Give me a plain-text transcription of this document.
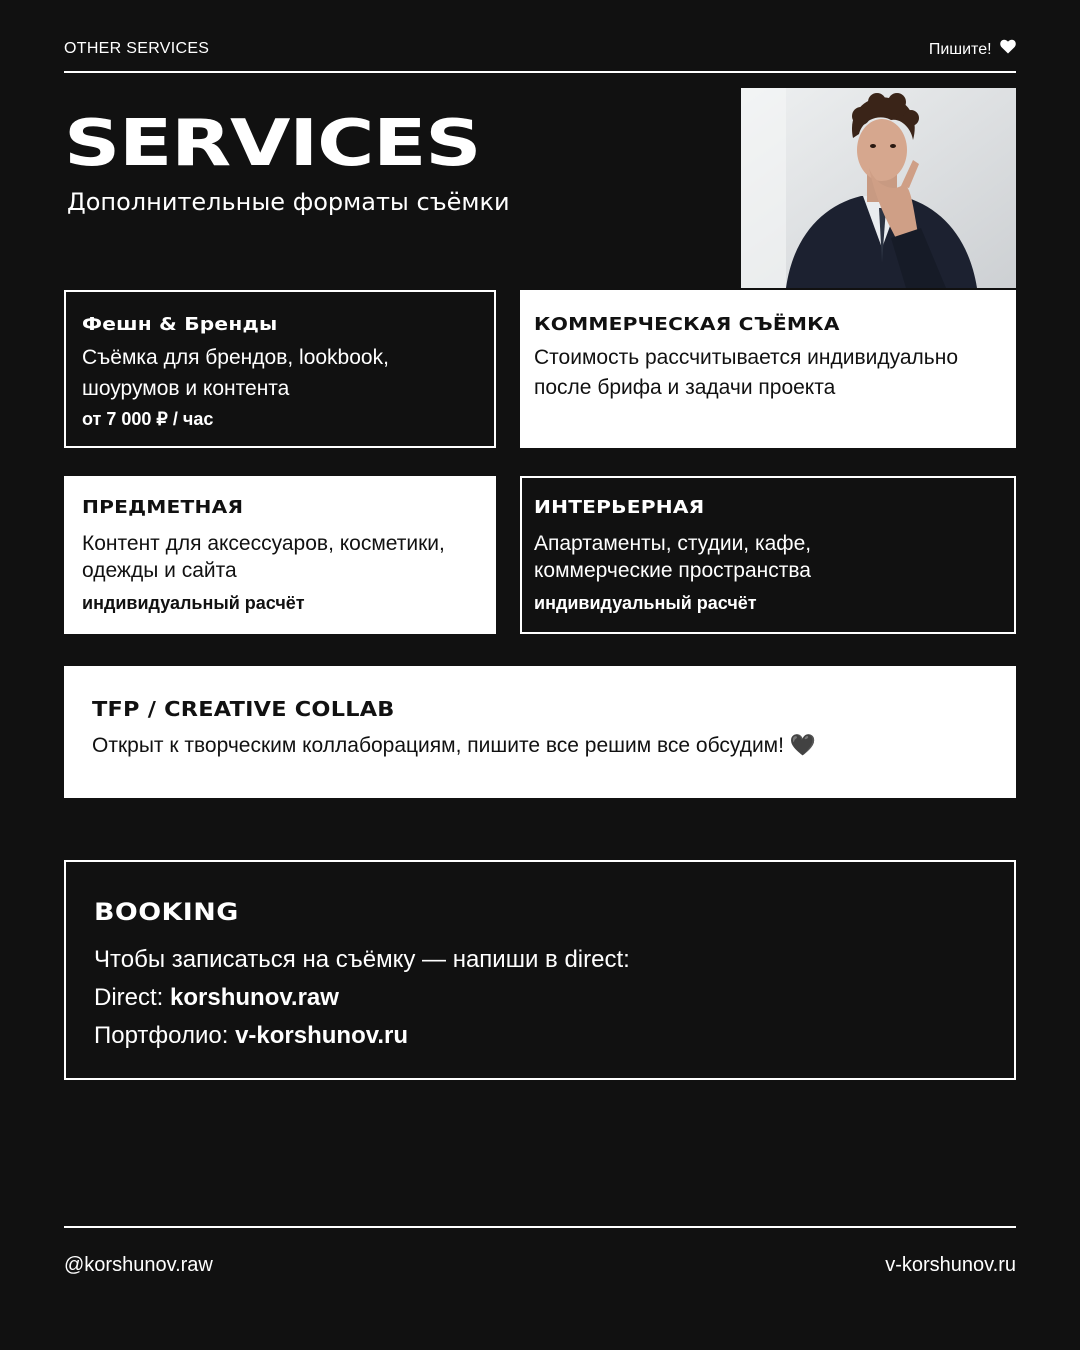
OTHER SERVICES	Пишите!
SERVICES
Дополнительные форматы съёмки
Фешн & Бренды
Съёмка для брендов, lookbook,
шоурумов и контента
от 7 000 ₽ / час
КОММЕРЧЕСКАЯ СЪЁМКА
Стоимость рассчитывается индивидуально
после брифа и задачи проекта
ПРЕДМЕТНАЯ
Контент для аксессуаров, косметики,
одежды и сайта
индивидуальный расчёт
ИНТЕРЬЕРНАЯ
Апартаменты, студии, кафе,
коммерческие пространства
индивидуальный расчёт
TFP / CREATIVE COLLAB
Открыт к творческим коллаборациям, пишите все решим все обсудим! 🖤
BOOKING
Чтобы записаться на съёмку — напиши в direct:
Direct: korshunov.raw
Портфолио: v-korshunov.ru
@korshunov.raw	v-korshunov.ru
